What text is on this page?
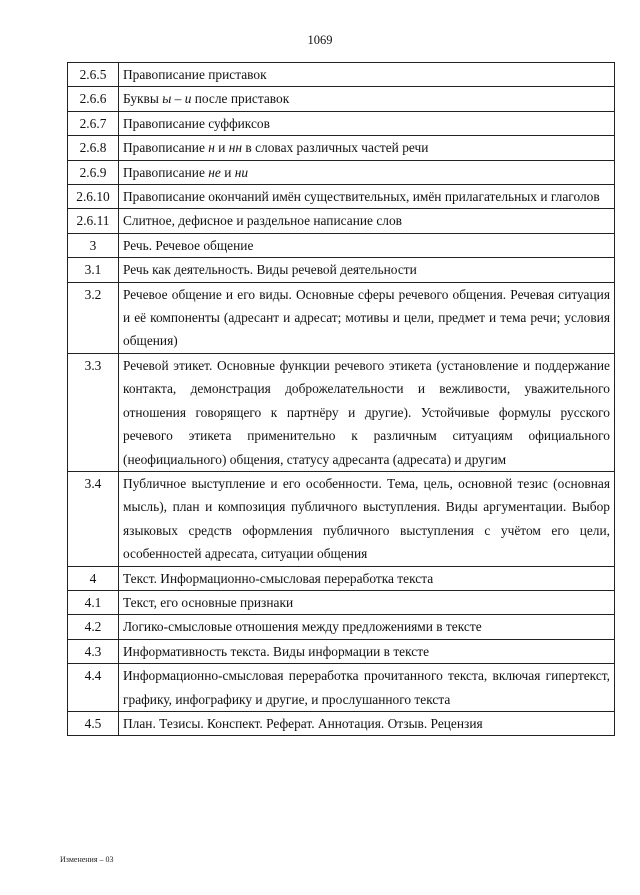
1069
2.6.5	Правописание приставок
2.6.6	Буквы ы – и после приставок
2.6.7	Правописание суффиксов
2.6.8	Правописание н и нн в словах различных частей речи
2.6.9	Правописание не и ни
2.6.10	Правописание окончаний имён существительных, имён прилагательных и глаголов
2.6.11	Слитное, дефисное и раздельное написание слов
3	Речь. Речевое общение
3.1	Речь как деятельность. Виды речевой деятельности
3.2	Речевое общение и его виды. Основные сферы речевого общения. Речевая ситуация и её компоненты (адресант и адресат; мотивы и цели, предмет и тема речи; условия общения)
3.3	Речевой этикет. Основные функции речевого этикета (установление и поддержание контакта, демонстрация доброжелательности и вежливости, уважительного отношения говорящего к партнёру и другие). Устойчивые формулы русского речевого этикета применительно к различным ситуациям официального (неофициального) общения, статусу адресанта (адресата) и другим
3.4	Публичное выступление и его особенности. Тема, цель, основной тезис (основная мысль), план и композиция публичного выступления. Виды аргументации. Выбор языковых средств оформления публичного выступления с учётом его цели, особенностей адресата, ситуации общения
4	Текст. Информационно-смысловая переработка текста
4.1	Текст, его основные признаки
4.2	Логико-смысловые отношения между предложениями в тексте
4.3	Информативность текста. Виды информации в тексте
4.4	Информационно-смысловая переработка прочитанного текста, включая гипертекст, графику, инфографику и другие, и прослушанного текста
4.5	План. Тезисы. Конспект. Реферат. Аннотация. Отзыв. Рецензия
Изменения – 03
